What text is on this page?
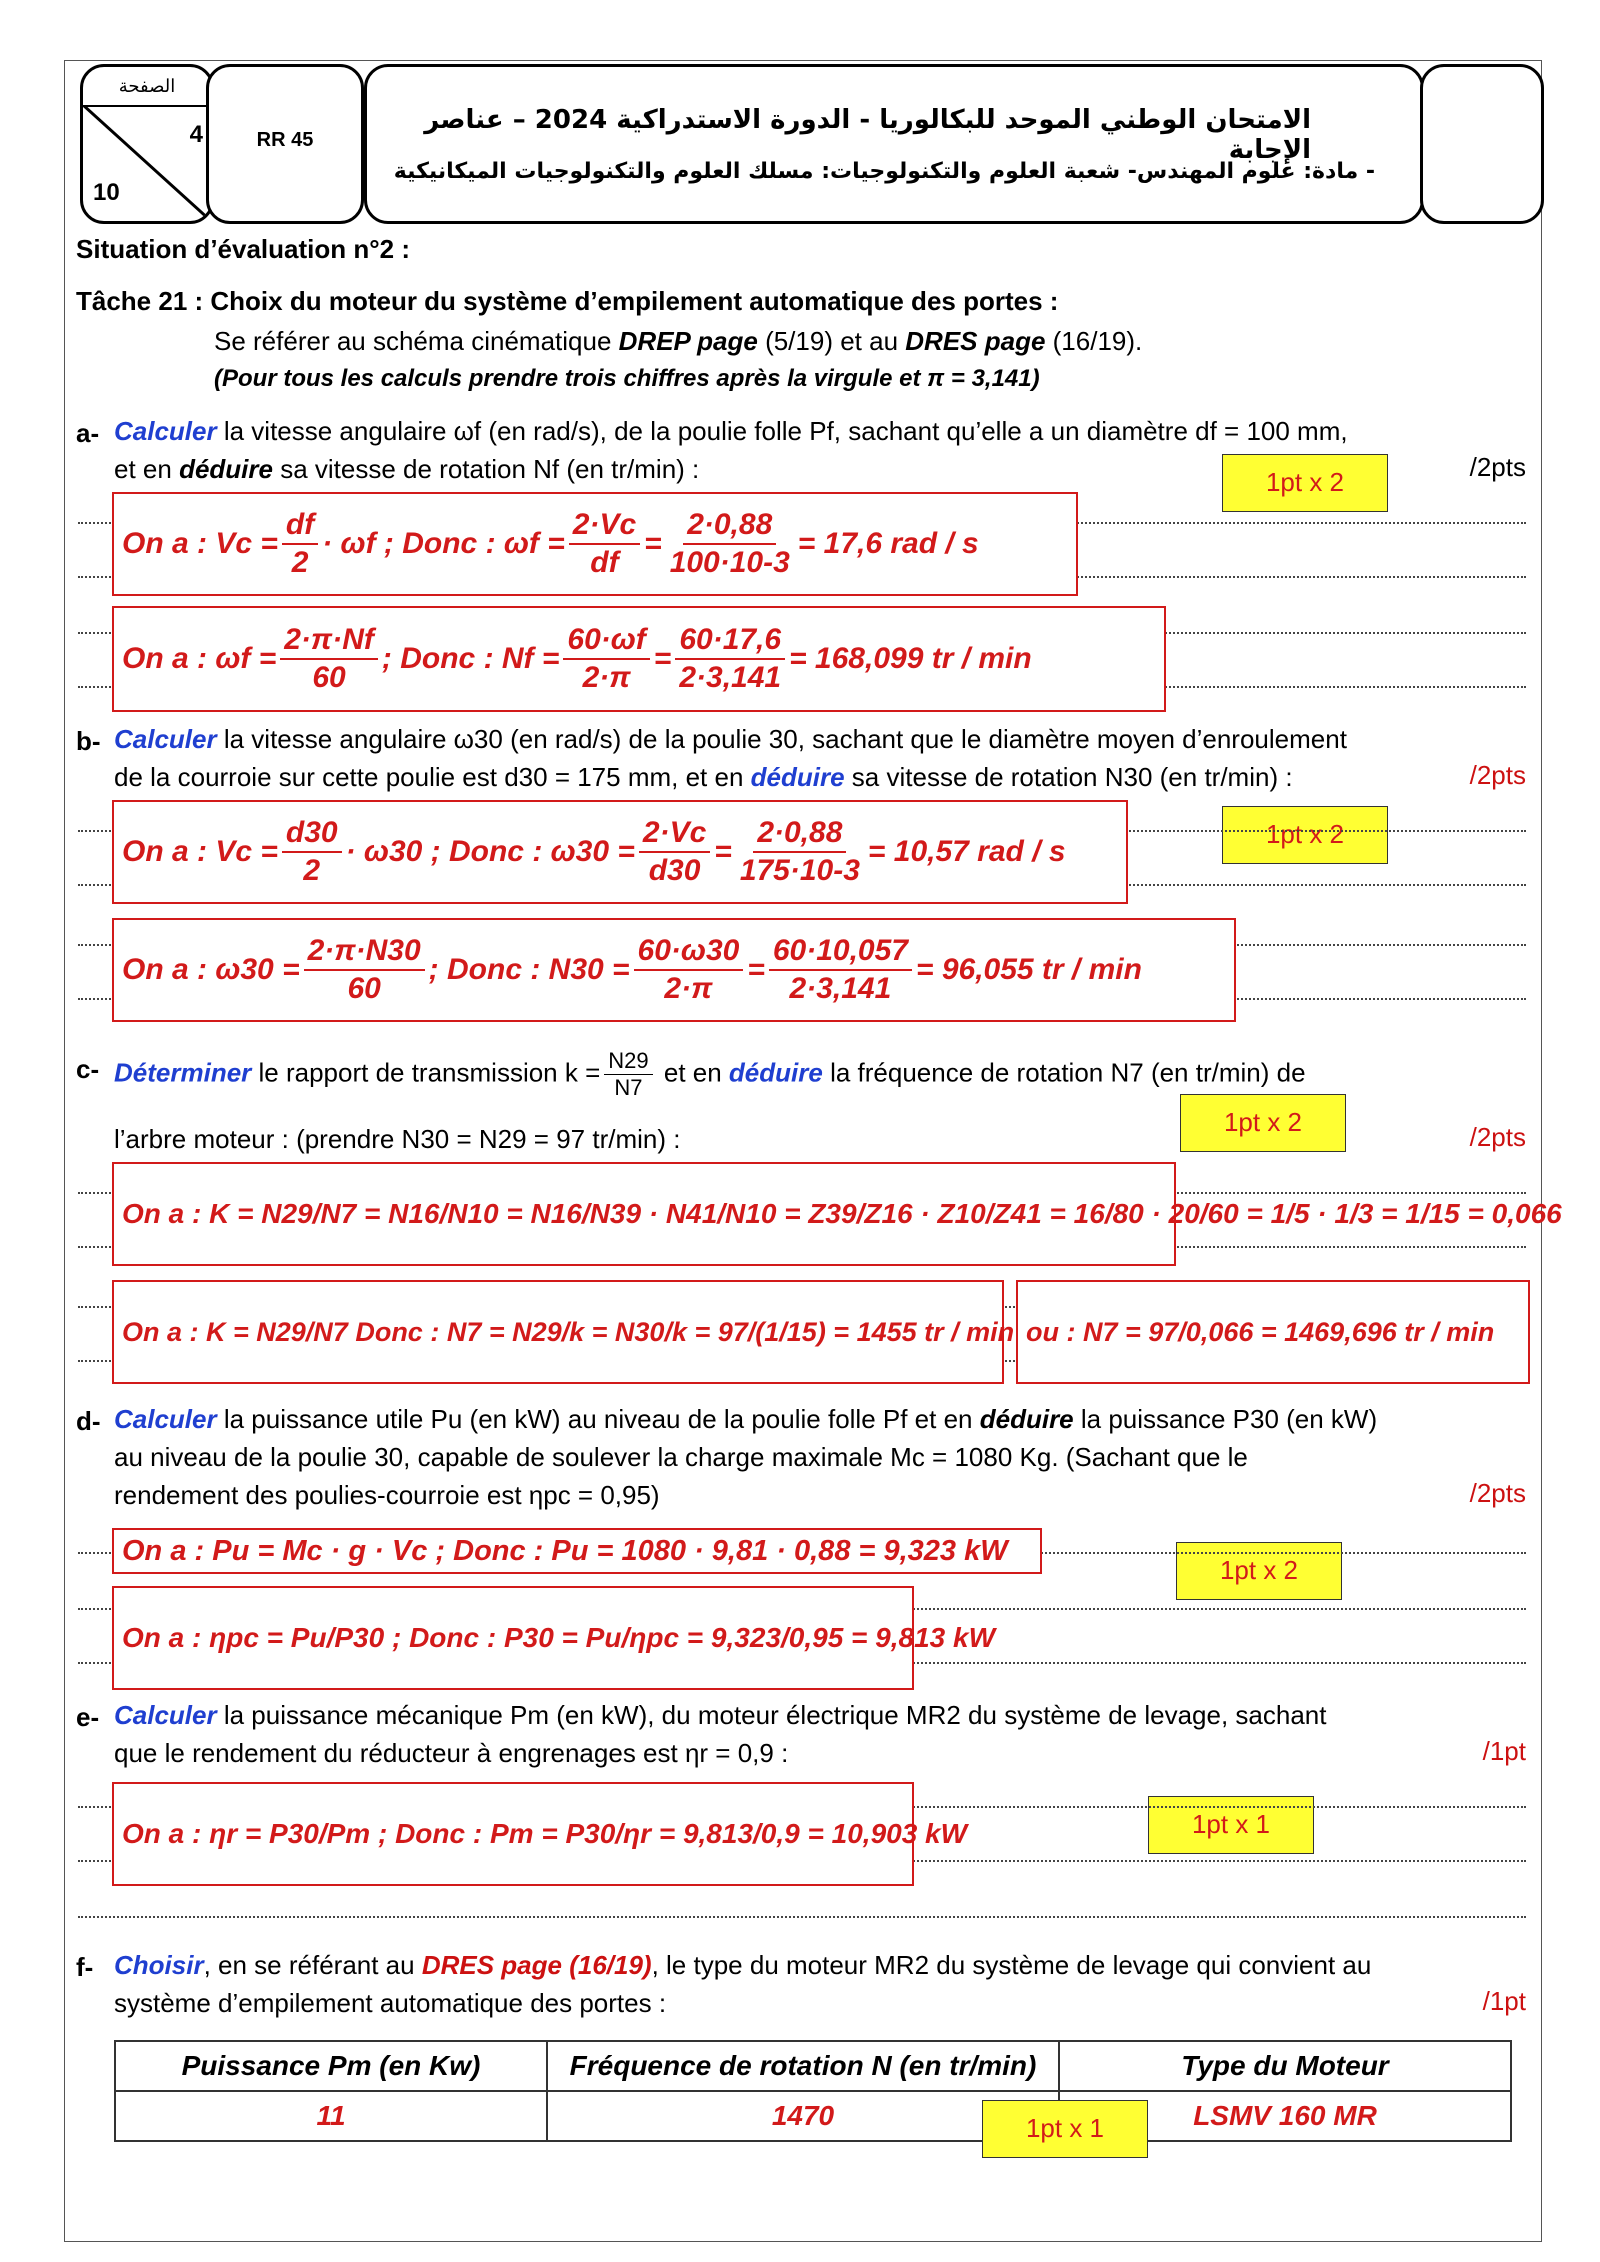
الصفحة
4
10
RR 45
الامتحان الوطني الموحد للبكالوريا - الدورة الاستدراكية 2024 – عناصر الإجابة
- مادة: علوم المهندس- شعبة العلوم والتكنولوجيات: مسلك العلوم والتكنولوجيات الميكانيكية
Situation d’évaluation n°2 :
Tâche 21 : Choix du moteur du système d’empilement automatique des portes :
Se référer au schéma cinématique DREP page (5/19) et au DRES page (16/19).
(Pour tous les calculs prendre trois chiffres après la virgule et π = 3,141)
a- Calculer la vitesse angulaire ωf (en rad/s), de la poulie folle Pf, sachant qu’elle a un diamètre df = 100 mm,
et en déduire sa vitesse de rotation Nf (en tr/min) :	/2pts
1pt x 2
On a : $Vc = \frac{df}{2} \cdot \omega f$ ; Donc : $\omega f = \frac{2\cdot Vc}{df} = \frac{2\cdot 0,88}{100\cdot 10-3} = 17,6$ rad / s
On a : $\omega f = \frac{2\cdot\pi\cdot Nf}{60}$ ; Donc : $Nf = \frac{60\cdot\omega f}{2\cdot\pi} = \frac{60\cdot 17,6}{2\cdot 3,141} = 168,099$ tr / min
b- Calculer la vitesse angulaire ω30 (en rad/s) de la poulie 30, sachant que le diamètre moyen d’enroulement
de la courroie sur cette poulie est d30 = 175 mm, et en déduire sa vitesse de rotation N30 (en tr/min) :	/2pts
1pt x 2
On a : $Vc = \frac{d30}{2} \cdot \omega 30$ ; Donc : $\omega 30 = \frac{2\cdot Vc}{d30} = \frac{2\cdot 0,88}{175\cdot 10-3} = 10,57$ rad / s
On a : $\omega 30 = \frac{2\cdot\pi\cdot N30}{60}$ ; Donc : $N30 = \frac{60\cdot\omega 30}{2\cdot\pi} = \frac{60\cdot 10,057}{2\cdot 3,141} = 96,055$ tr / min
c- Déterminer le rapport de transmission $k = \frac{N29}{N7}$ et en déduire la fréquence de rotation N7 (en tr/min) de
l’arbre moteur : (prendre N30 = N29 = 97 tr/min) :	/2pts
1pt x 2
On a : K = N29/N7 = N16/N10 = N16/N39 · N41/N10 = Z39/Z16 · Z10/Z41 = 16/80 · 20/60 = 1/5 · 1/3 = 1/15 = 0,066
On a : K = N29/N7 Donc : N7 = N29/k = N30/k = 97/(1/15) = 1455 tr / min ou : N7 = 97/0,066 = 1469,696 tr / min
d- Calculer la puissance utile Pu (en kW) au niveau de la poulie folle Pf et en déduire la puissance P30 (en kW)
au niveau de la poulie 30, capable de soulever la charge maximale Mc = 1080 Kg. (Sachant que le
rendement des poulies-courroie est ηpc = 0,95)	/2pts
1pt x 2
On a : Pu = Mc · g · Vc ; Donc : Pu = 1080 · 9,81 · 0,88 = 9,323 kW
On a : ηpc = Pu/P30 ; Donc : P30 = Pu/ηpc = 9,323/0,95 = 9,813 kW
e- Calculer la puissance mécanique Pm (en kW), du moteur électrique MR2 du système de levage, sachant
que le rendement du réducteur à engrenages est ηr = 0,9 :	/1pt
1pt x 1
On a : ηr = P30/Pm ; Donc : Pm = P30/ηr = 9,813/0,9 = 10,903 kW
f- Choisir, en se référant au DRES page (16/19), le type du moteur MR2 du système de levage qui convient au
système d’empilement automatique des portes :	/1pt
Puissance Pm (en Kw)	Fréquence de rotation N (en tr/min)	Type du Moteur
11	1470	LSMV 160 MR
1pt x 1
